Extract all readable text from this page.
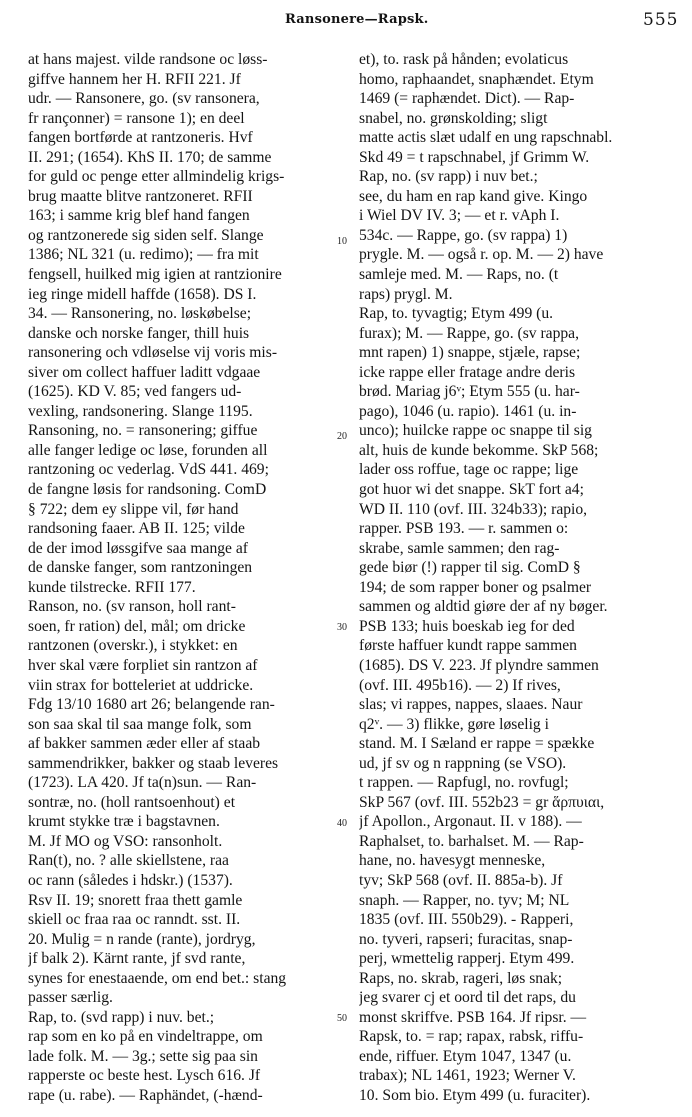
Ransonere—Rapsk.	555
at hans majest. vilde randsone oc løss-
giffve hannem her H. RFII 221. Jf
udr. — Ransonere, go. (sv ransonera,
fr rançonner) = ransone 1); en deel
fangen bortførde at rantzoneris. Hvf
II. 291; (1654). KhS II. 170; de samme
for guld oc penge etter allmindelig krigs-
brug maatte blitve rantzoneret. RFII
163; i samme krig blef hand fangen
og rantzonerede sig siden self. Slange
1386; NL 321 (u. redimo); — fra mit
fengsell, huilked mig igien at rantzionire
ieg ringe midell haffde (1658). DS I.
34. — Ransonering, no. løskøbelse;
danske och norske fanger, thill huis
ransonering och vdløselse vij voris mis-
siver om collect haffuer laditt vdgaae
(1625). KD V. 85; ved fangers ud-
vexling, randsonering. Slange 1195.
Ransoning, no. = ransonering; giffue
alle fanger ledige oc løse, forunden all
rantzoning oc vederlag. VdS 441. 469;
de fangne løsis for randsoning. ComD
§ 722; dem ey slippe vil, før hand
randsoning faaer. AB II. 125; vilde
de der imod løssgifve saa mange af
de danske fanger, som rantzoningen
kunde tilstrecke. RFII 177.
Ranson, no. (sv ranson, holl rant-
soen, fr ration) del, mål; om dricke
rantzonen (overskr.), i stykket: en
hver skal være forpliet sin rantzon af
viin strax for botteleriet at uddricke.
Fdg 13/10 1680 art 26; belangende ran-
son saa skal til saa mange folk, som
af bakker sammen æder eller af staab
sammendrikker, bakker og staab leveres
(1723). LA 420. Jf ta(n)sun. — Ran-
sontræ, no. (holl rantsoenhout) et
krumt stykke træ i bagstavnen.
M. Jf MO og VSO: ransonholt.
Ran(t), no. ? alle skiellstene, raa
oc rann (således i hdskr.) (1537).
Rsv II. 19; snorett fraa thett gamle
skiell oc fraa raa oc ranndt. sst. II.
20. Mulig = n rande (rante), jordryg,
jf balk 2). Kärnt rante, jf svd rante,
synes for enestaaende, om end bet.: stang
passer særlig.
Rap, to. (svd rapp) i nuv. bet.;
rap som en ko på en vindeltrappe, om
lade folk. M. — 3g.; sette sig paa sin
rapperste oc beste hest. Lysch 616. Jf
rape (u. rabe). — Raphändet, (-hænd-
et), to. rask på hånden; evolaticus
homo, raphaandet, snaphændet. Etym
1469 (= raphændet. Dict). — Rap-
snabel, no. grønskolding; sligt
matte actis slæt udalf en ung rapschnabl.
Skd 49 = t rapschnabel, jf Grimm W.
Rap, no. (sv rapp) i nuv bet.;
see, du ham en rap kand give. Kingo
i Wiel DV IV. 3; — et r. vAph I.
534c. — Rappe, go. (sv rappa) 1)
prygle. M. — også r. op. M. — 2) have
samleje med. M. — Raps, no. (t
raps) prygl. M.
Rap, to. tyvagtig; Etym 499 (u.
furax); M. — Rappe, go. (sv rappa,
mnt rapen) 1) snappe, stjæle, rapse;
icke rappe eller fratage andre deris
brød. Mariag j6ᵛ; Etym 555 (u. har-
pago), 1046 (u. rapio). 1461 (u. in-
unco); huilcke rappe oc snappe til sig
alt, huis de kunde bekomme. SkP 568;
lader oss roffue, tage oc rappe; lige
got huor wi det snappe. SkT fort a4;
WD II. 110 (ovf. III. 324b33); rapio,
rapper. PSB 193. — r. sammen o:
skrabe, samle sammen; den rag-
gede biør (!) rapper til sig. ComD §
194; de som rapper boner og psalmer
sammen og aldtid giøre der af ny bøger.
PSB 133; huis boeskab ieg for ded
første haffuer kundt rappe sammen
(1685). DS V. 223. Jf plyndre sammen
(ovf. III. 495b16). — 2) If rives,
slas; vi rappes, nappes, slaaes. Naur
q2ᵛ. — 3) flikke, gøre løselig i
stand. M. I Sæland er rappe = spække
ud, jf sv og n rappning (se VSO).
t rappen. — Rapfugl, no. rovfugl;
SkP 567 (ovf. III. 552b23 = gr ἅρπυιαι,
jf Apollon., Argonaut. II. v 188). —
Raphalset, to. barhalset. M. — Rap-
hane, no. havesygt menneske,
tyv; SkP 568 (ovf. II. 885a-b). Jf
snaph. — Rapper, no. tyv; M; NL
1835 (ovf. III. 550b29). - Rapperi,
no. tyveri, rapseri; furacitas, snap-
perj, wmettelig rapperj. Etym 499.
Raps, no. skrab, rageri, løs snak;
jeg svarer cj et oord til det raps, du
monst skriffve. PSB 164. Jf ripsr. —
Rapsk, to. = rap; rapax, rabsk, riffu-
ende, riffuer. Etym 1047, 1347 (u.
trabax); NL 1461, 1923; Werner V.
10. Som bio. Etym 499 (u. furaciter).
10
20
30
40
50
